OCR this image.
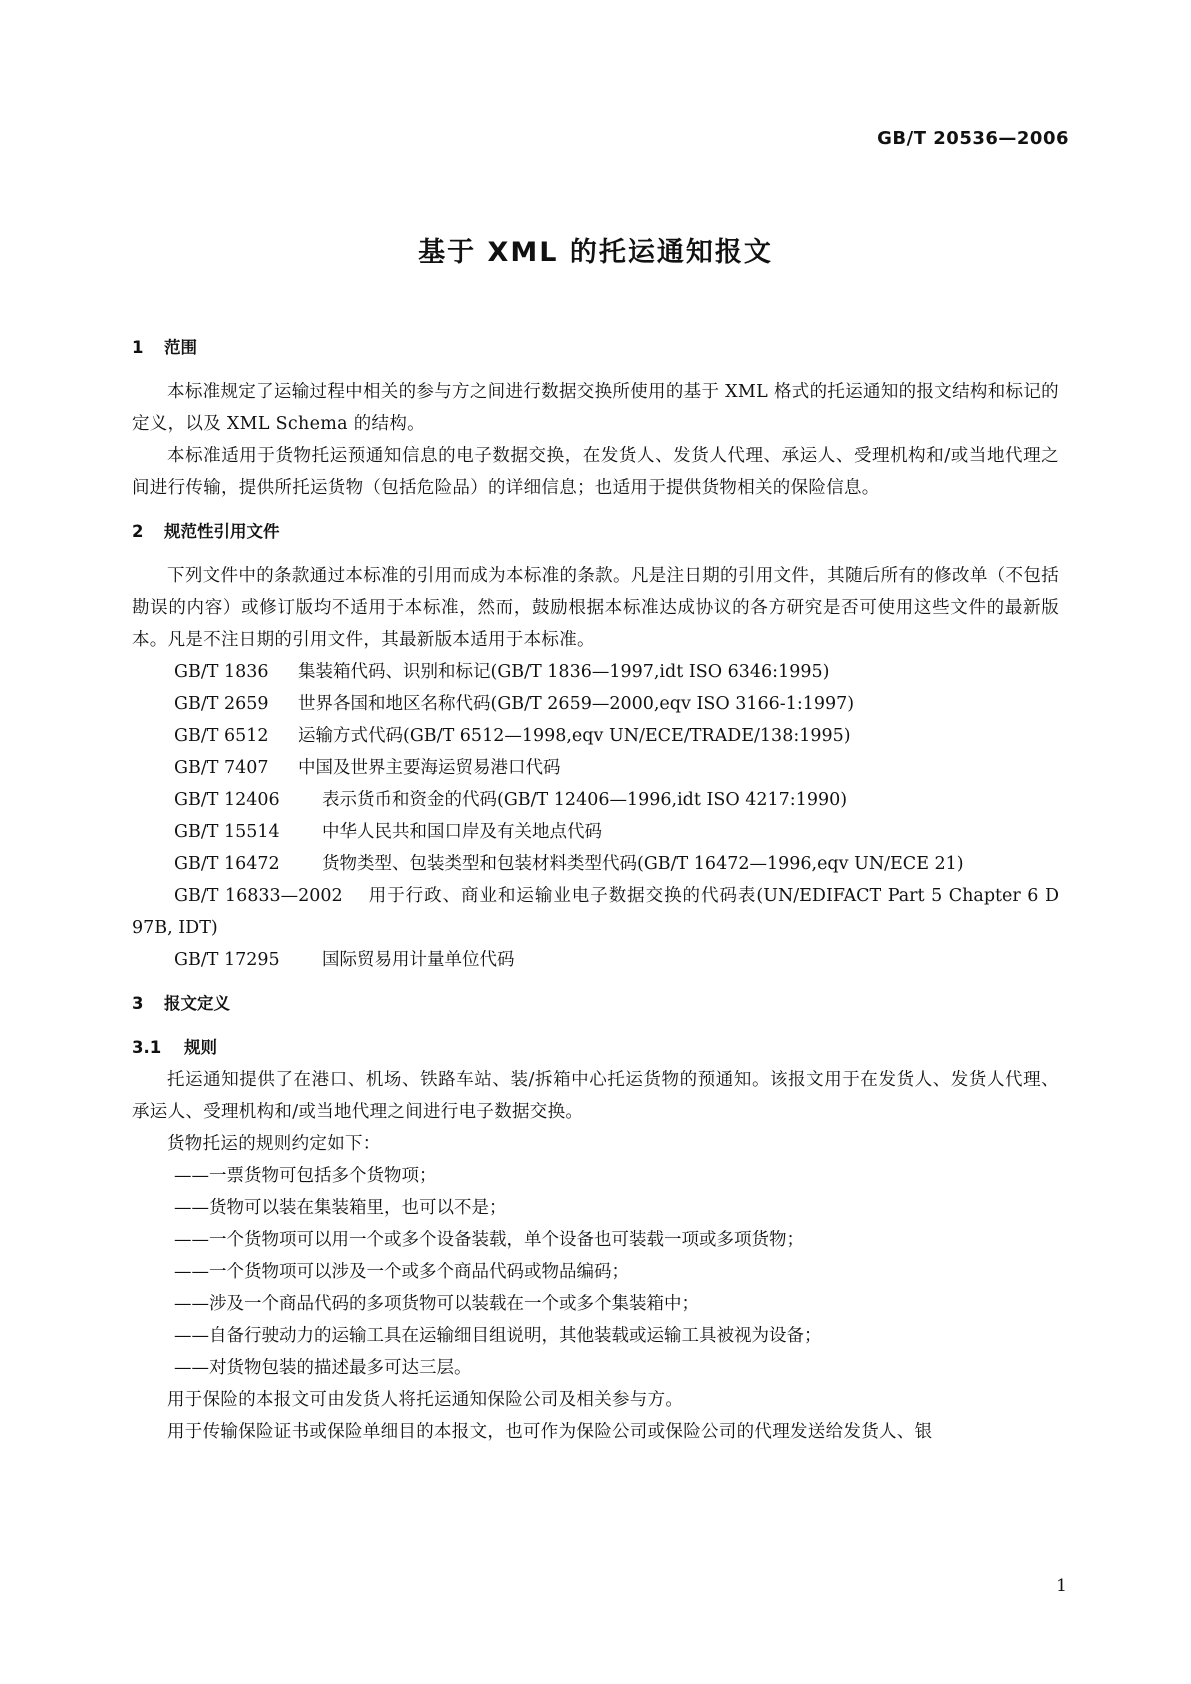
GB/T 20536—2006
基于 XML 的托运通知报文
1 范围
本标准规定了运输过程中相关的参与方之间进行数据交换所使用的基于 XML 格式的托运通知的报文结构和标记的定义，以及 XML Schema 的结构。
本标准适用于货物托运预通知信息的电子数据交换，在发货人、发货人代理、承运人、受理机构和/或当地代理之间进行传输，提供所托运货物（包括危险品）的详细信息；也适用于提供货物相关的保险信息。
2 规范性引用文件
下列文件中的条款通过本标准的引用而成为本标准的条款。凡是注日期的引用文件，其随后所有的修改单（不包括勘误的内容）或修订版均不适用于本标准，然而，鼓励根据本标准达成协议的各方研究是否可使用这些文件的最新版本。凡是不注日期的引用文件，其最新版本适用于本标准。
GB/T 1836 集装箱代码、识别和标记(GB/T 1836—1997,idt ISO 6346:1995)
GB/T 2659 世界各国和地区名称代码(GB/T 2659—2000,eqv ISO 3166-1:1997)
GB/T 6512 运输方式代码(GB/T 6512—1998,eqv UN/ECE/TRADE/138:1995)
GB/T 7407 中国及世界主要海运贸易港口代码
GB/T 12406 表示货币和资金的代码(GB/T 12406—1996,idt ISO 4217:1990)
GB/T 15514 中华人民共和国口岸及有关地点代码
GB/T 16472 货物类型、包装类型和包装材料类型代码(GB/T 16472—1996,eqv UN/ECE 21)
GB/T 16833—2002 用于行政、商业和运输业电子数据交换的代码表(UN/EDIFACT Part 5 Chapter 6 D 97B, IDT)
GB/T 17295 国际贸易用计量单位代码
3 报文定义
3.1 规则
托运通知提供了在港口、机场、铁路车站、装/拆箱中心托运货物的预通知。该报文用于在发货人、发货人代理、承运人、受理机构和/或当地代理之间进行电子数据交换。
货物托运的规则约定如下：
——一票货物可包括多个货物项；
——货物可以装在集装箱里，也可以不是；
——一个货物项可以用一个或多个设备装载，单个设备也可装载一项或多项货物；
——一个货物项可以涉及一个或多个商品代码或物品编码；
——涉及一个商品代码的多项货物可以装载在一个或多个集装箱中；
——自备行驶动力的运输工具在运输细目组说明，其他装载或运输工具被视为设备；
——对货物包装的描述最多可达三层。
用于保险的本报文可由发货人将托运通知保险公司及相关参与方。
用于传输保险证书或保险单细目的本报文，也可作为保险公司或保险公司的代理发送给发货人、银
1
